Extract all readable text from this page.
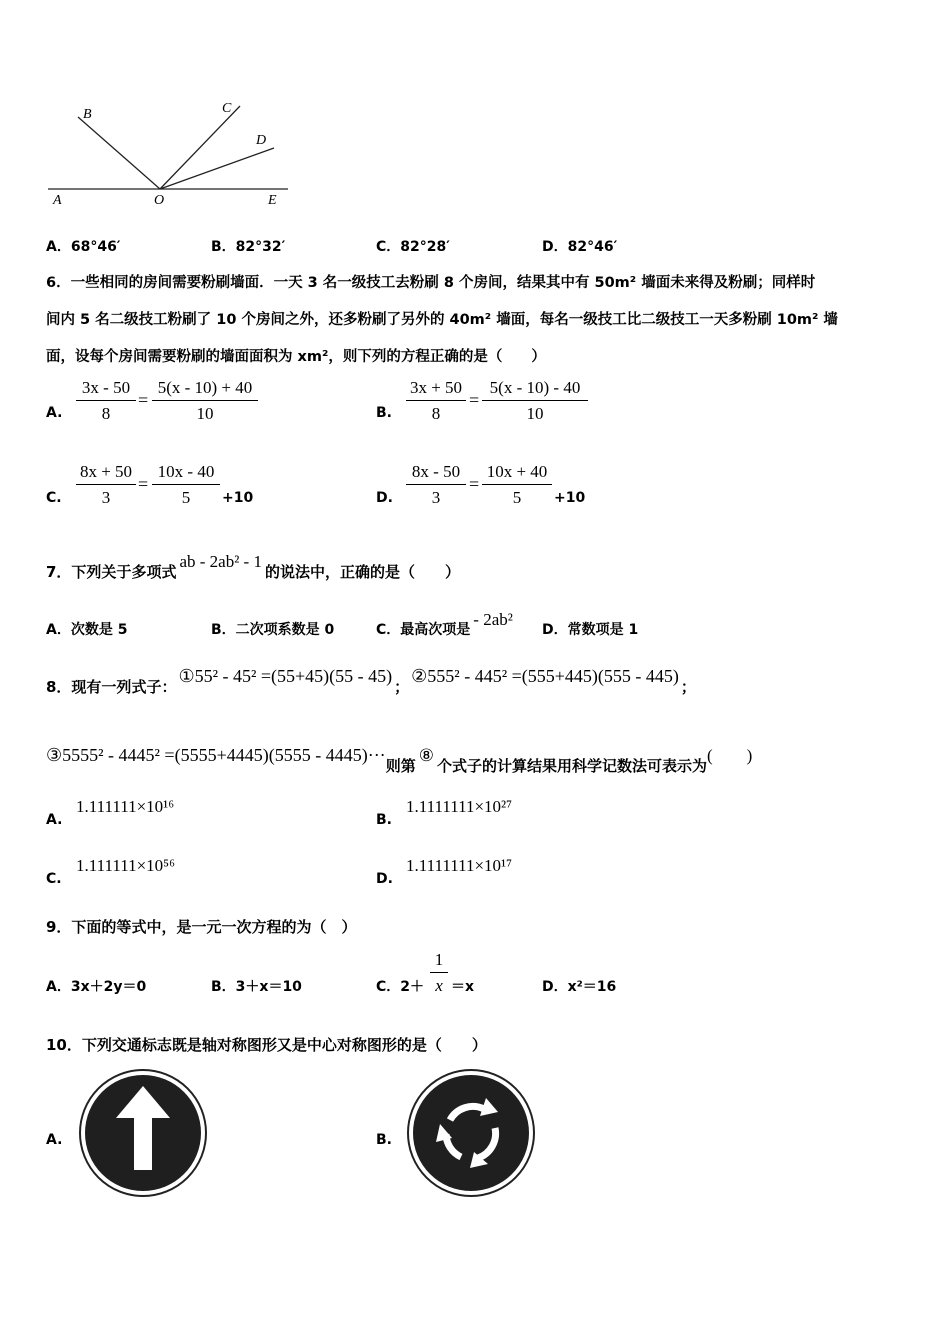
A
B	C
D
O	E
A．68°46′	B．82°32′	C．82°28′	D．82°46′
6．一些相同的房间需要粉刷墙面．一天 3 名一级技工去粉刷 8 个房间，结果其中有 50m² 墙面未来得及粉刷；同样时
间内 5 名二级技工粉刷了 10 个房间之外，还多粉刷了另外的 40m² 墙面，每名一级技工比二级技工一天多粉刷 10m² 墙
面，设每个房间需要粉刷的墙面面积为 xm²，则下列的方程正确的是（　　）
A. $\frac{3x - 50}{8} = \frac{5(x - 10) + 40}{10}$	B. $\frac{3x + 50}{8} = \frac{5(x - 10) - 40}{10}$
C. $\frac{8x + 50}{3} = \frac{10x - 40}{5} +10$	D. $\frac{8x - 50}{3} = \frac{10x + 40}{5} +10$
7．下列关于多项式ab - 2ab² - 1的说法中，正确的是（　　）
A．次数是 5	B．二次项系数是 0	C．最高次项是- 2ab²
D．常数项是 1
8．现有一列式子：①55² - 45² =(55+45)(55 - 45)；②555² - 445² =(555+445)(555 - 445)；
③5555² - 4445² =(5555+4445)(5555 - 4445)···则第⑧个式子的计算结果用科学记数法可表示为(　　)
A.
1.111111×10¹⁶
B.
1.1111111×10²⁷
C.
1.111111×10⁵⁶
D.
1.1111111×10¹⁷
9．下面的等式中，是一元一次方程的为（　）
A．3x＋2y＝0	B．3＋x＝10	C．$2+ \frac{1}{x} =x$	D．x²＝16
10．下列交通标志既是轴对称图形又是中心对称图形的是（　　）
A.	B.
